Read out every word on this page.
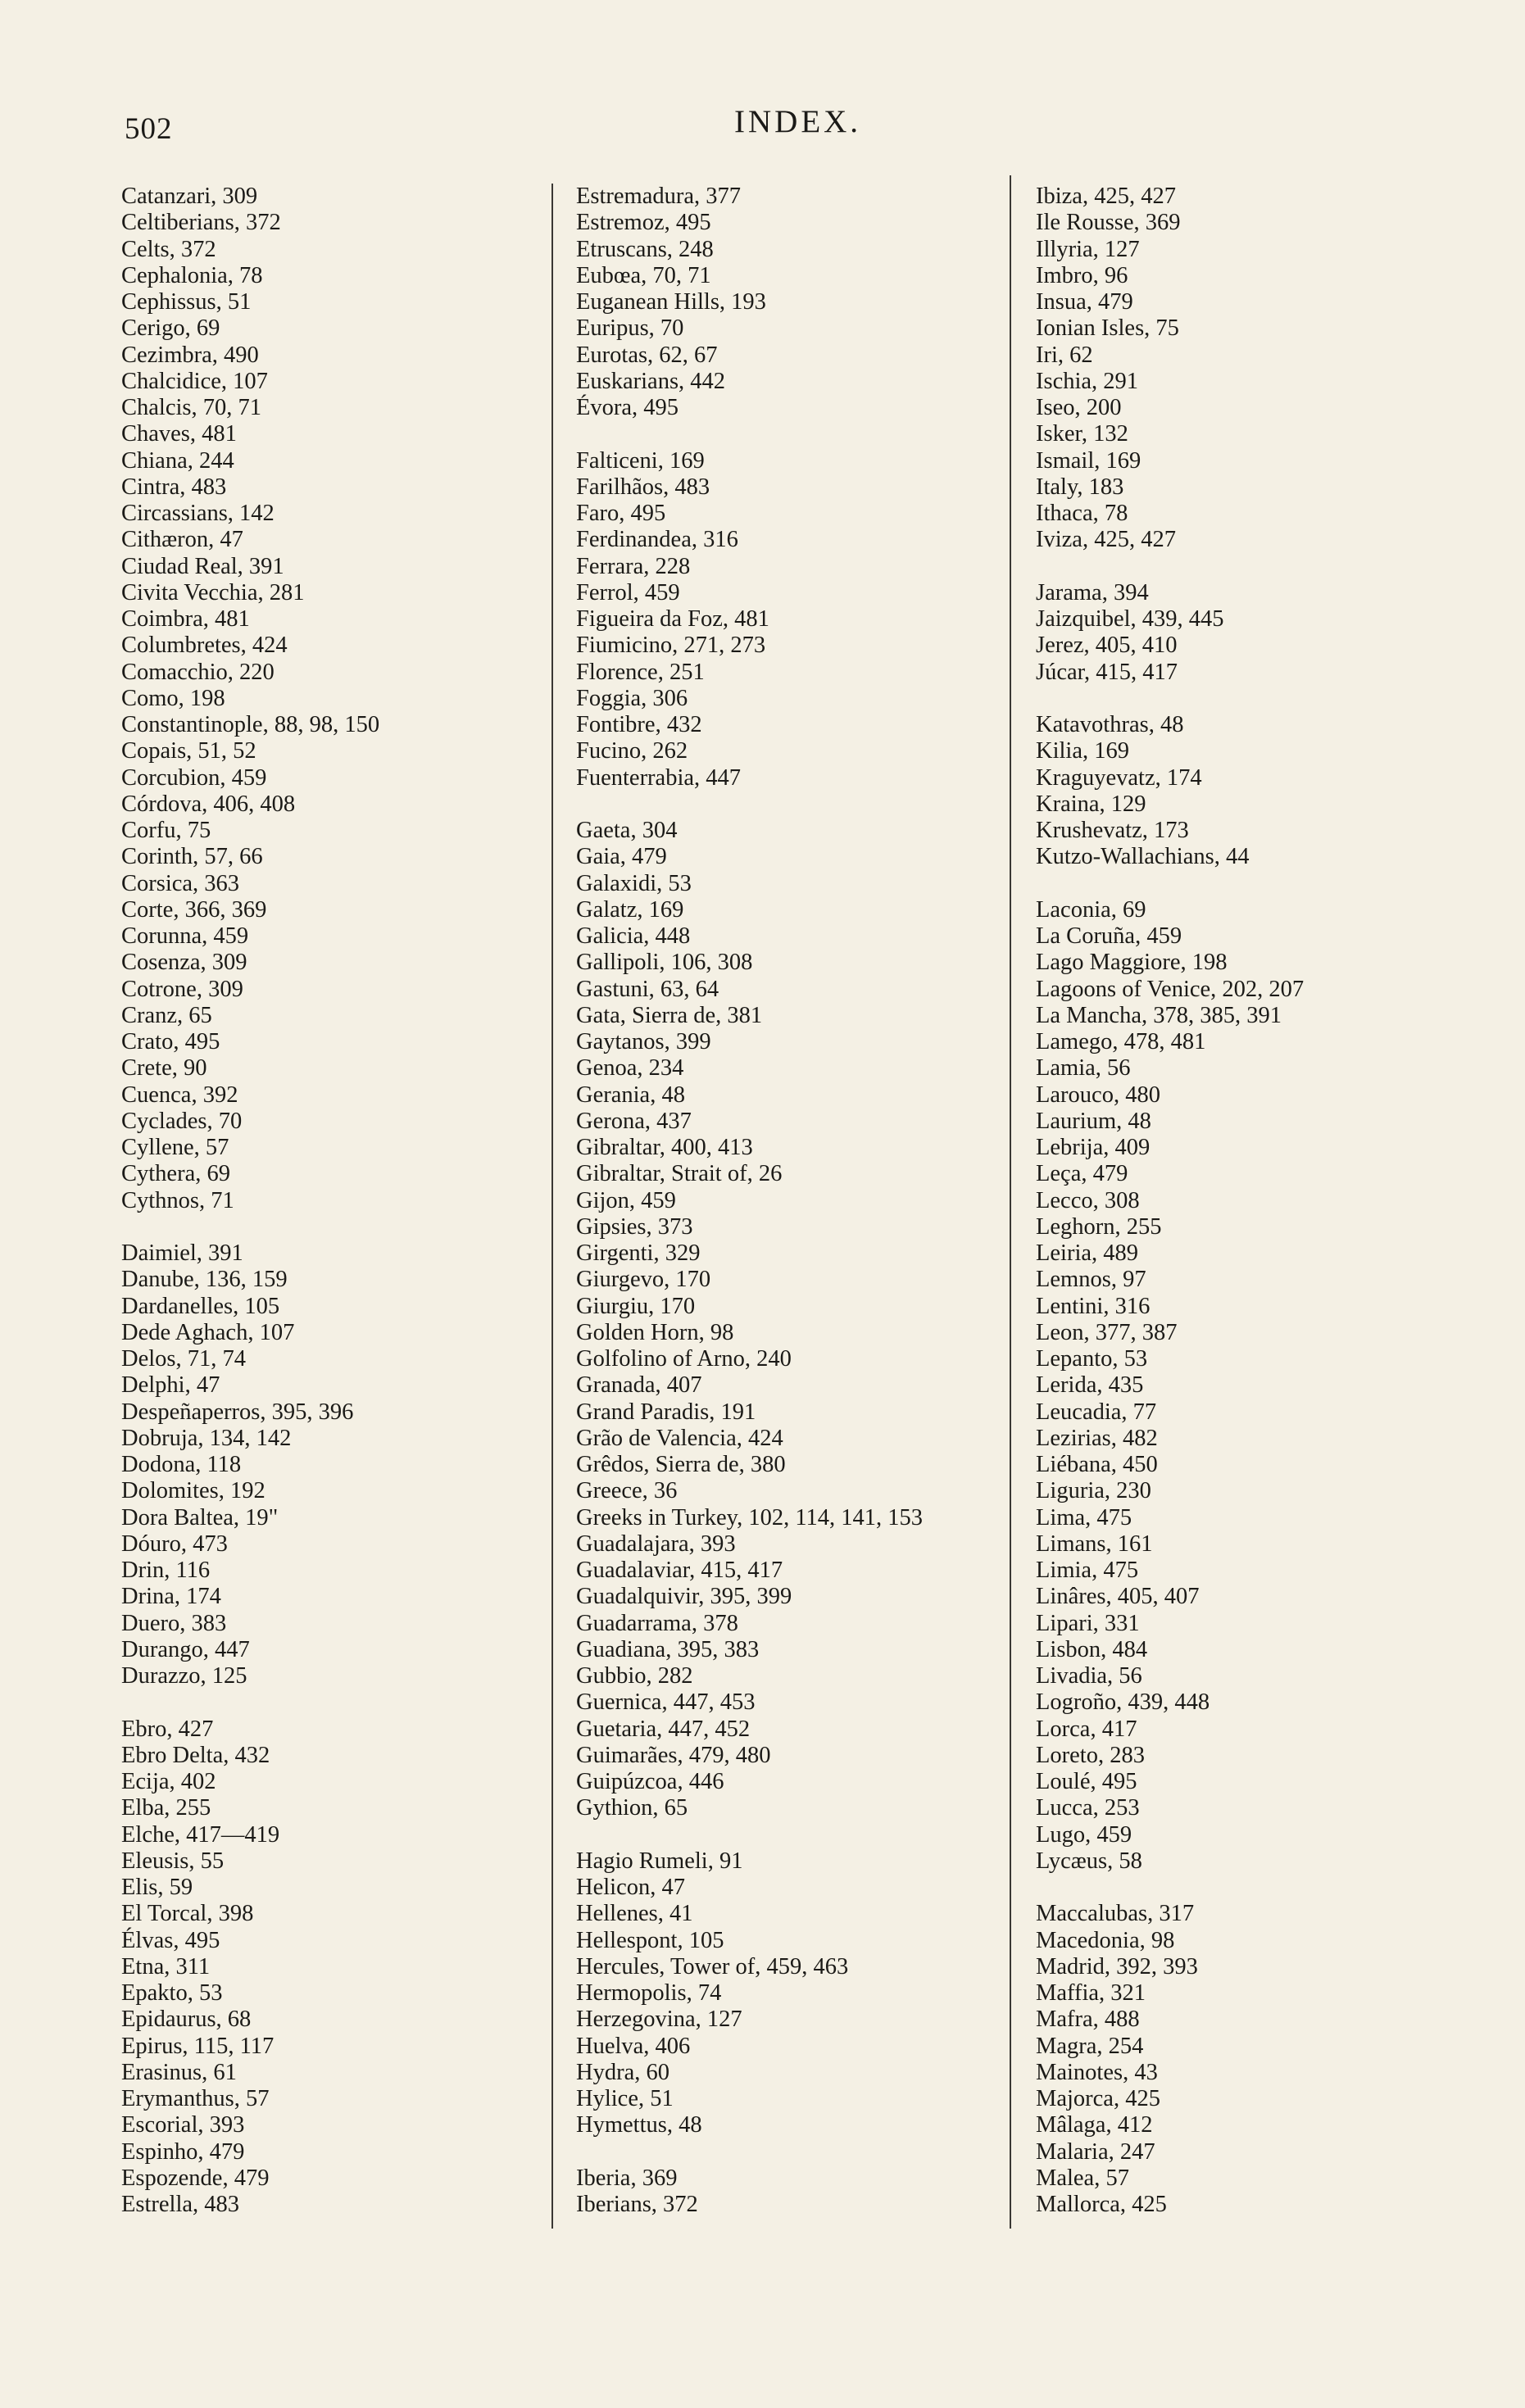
502	INDEX.
Catanzari, 309
Celtiberians, 372
Celts, 372
Cephalonia, 78
Cephissus, 51
Cerigo, 69
Cezimbra, 490
Chalcidice, 107
Chalcis, 70, 71
Chaves, 481
Chiana, 244
Cintra, 483
Circassians, 142
Cithæron, 47
Ciudad Real, 391
Civita Vecchia, 281
Coimbra, 481
Columbretes, 424
Comacchio, 220
Como, 198
Constantinople, 88, 98, 150
Copais, 51, 52
Corcubion, 459
Córdova, 406, 408
Corfu, 75
Corinth, 57, 66
Corsica, 363
Corte, 366, 369
Corunna, 459
Cosenza, 309
Cotrone, 309
Cranz, 65
Crato, 495
Crete, 90
Cuenca, 392
Cyclades, 70
Cyllene, 57
Cythera, 69
Cythnos, 71
Daimiel, 391
Danube, 136, 159
Dardanelles, 105
Dede Aghach, 107
Delos, 71, 74
Delphi, 47
Despeñaperros, 395, 396
Dobruja, 134, 142
Dodona, 118
Dolomites, 192
Dora Baltea, 19"
Dóuro, 473
Drin, 116
Drina, 174
Duero, 383
Durango, 447
Durazzo, 125
Ebro, 427
Ebro Delta, 432
Ecija, 402
Elba, 255
Elche, 417—419
Eleusis, 55
Elis, 59
El Torcal, 398
Élvas, 495
Etna, 311
Epakto, 53
Epidaurus, 68
Epirus, 115, 117
Erasinus, 61
Erymanthus, 57
Escorial, 393
Espinho, 479
Espozende, 479
Estrella, 483
Estremadura, 377
Estremoz, 495
Etruscans, 248
Eubœa, 70, 71
Euganean Hills, 193
Euripus, 70
Eurotas, 62, 67
Euskarians, 442
Évora, 495
Falticeni, 169
Farilhãos, 483
Faro, 495
Ferdinandea, 316
Ferrara, 228
Ferrol, 459
Figueira da Foz, 481
Fiumicino, 271, 273
Florence, 251
Foggia, 306
Fontibre, 432
Fucino, 262
Fuenterrabia, 447
Gaeta, 304
Gaia, 479
Galaxidi, 53
Galatz, 169
Galicia, 448
Gallipoli, 106, 308
Gastuni, 63, 64
Gata, Sierra de, 381
Gaytanos, 399
Genoa, 234
Gerania, 48
Gerona, 437
Gibraltar, 400, 413
Gibraltar, Strait of, 26
Gijon, 459
Gipsies, 373
Girgenti, 329
Giurgevo, 170
Giurgiu, 170
Golden Horn, 98
Golfolino of Arno, 240
Granada, 407
Grand Paradis, 191
Grão de Valencia, 424
Grêdos, Sierra de, 380
Greece, 36
Greeks in Turkey, 102, 114, 141, 153
Guadalajara, 393
Guadalaviar, 415, 417
Guadalquivir, 395, 399
Guadarrama, 378
Guadiana, 395, 383
Gubbio, 282
Guernica, 447, 453
Guetaria, 447, 452
Guimarães, 479, 480
Guipúzcoa, 446
Gythion, 65
Hagio Rumeli, 91
Helicon, 47
Hellenes, 41
Hellespont, 105
Hercules, Tower of, 459, 463
Hermopolis, 74
Herzegovina, 127
Huelva, 406
Hydra, 60
Hylice, 51
Hymettus, 48
Iberia, 369
Iberians, 372
Ibiza, 425, 427
Ile Rousse, 369
Illyria, 127
Imbro, 96
Insua, 479
Ionian Isles, 75
Iri, 62
Ischia, 291
Iseo, 200
Isker, 132
Ismail, 169
Italy, 183
Ithaca, 78
Iviza, 425, 427
Jarama, 394
Jaizquibel, 439, 445
Jerez, 405, 410
Júcar, 415, 417
Katavothras, 48
Kilia, 169
Kraguyevatz, 174
Kraina, 129
Krushevatz, 173
Kutzo-Wallachians, 44
Laconia, 69
La Coruña, 459
Lago Maggiore, 198
Lagoons of Venice, 202, 207
La Mancha, 378, 385, 391
Lamego, 478, 481
Lamia, 56
Larouco, 480
Laurium, 48
Lebrija, 409
Leça, 479
Lecco, 308
Leghorn, 255
Leiria, 489
Lemnos, 97
Lentini, 316
Leon, 377, 387
Lepanto, 53
Lerida, 435
Leucadia, 77
Lezirias, 482
Liébana, 450
Liguria, 230
Lima, 475
Limans, 161
Limia, 475
Linâres, 405, 407
Lipari, 331
Lisbon, 484
Livadia, 56
Logroño, 439, 448
Lorca, 417
Loreto, 283
Loulé, 495
Lucca, 253
Lugo, 459
Lycæus, 58
Maccalubas, 317
Macedonia, 98
Madrid, 392, 393
Maffia, 321
Mafra, 488
Magra, 254
Mainotes, 43
Majorca, 425
Mâlaga, 412
Malaria, 247
Malea, 57
Mallorca, 425
